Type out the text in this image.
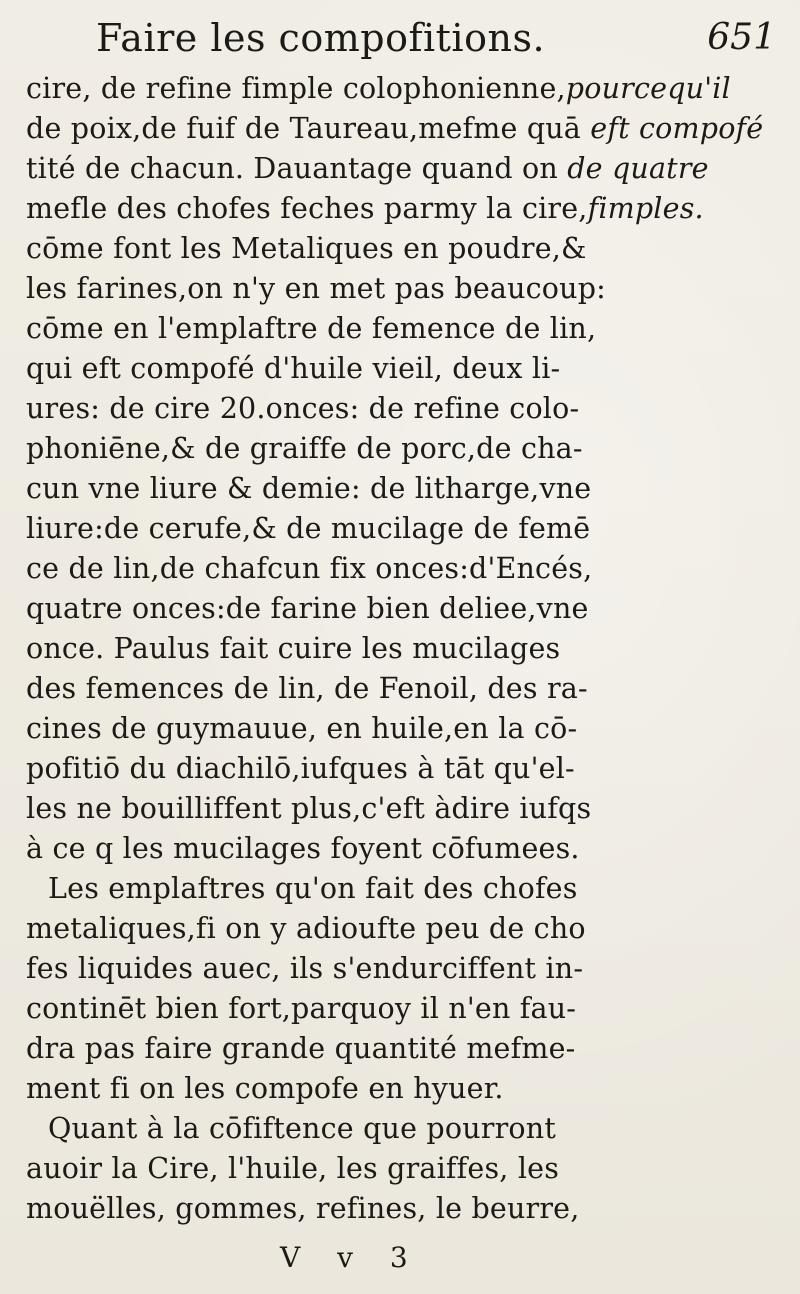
Faire les compofitions.	651
cire, de refine fimple colophonienne,pourcequ'il
de poix,de fuif de Taureau,mefme quā eft compofé
tité de chacun. Dauantage quand on de quatre
mefle des chofes feches parmy la cire,fimples.
cōme font les Metaliques en poudre,&
les farines,on n'y en met pas beaucoup:
cōme en l'emplaftre de femence de lin,
qui eft compofé d'huile vieil, deux li-
ures: de cire 20.onces: de refine colo-
phoniēne,& de graiffe de porc,de cha-
cun vne liure & demie: de litharge,vne
liure:de cerufe,& de mucilage de femē
ce de lin,de chafcun fix onces:d'Encés,
quatre onces:de farine bien deliee,vne
once. Paulus fait cuire les mucilages
des femences de lin, de Fenoil, des ra-
cines de guymauue, en huile,en la cō-
pofitiō du diachilō,iufques à tāt qu'el-
les ne bouilliffent plus,c'eft àdire iufqs
à ce q les mucilages foyent cōfumees.
Les emplaftres qu'on fait des chofes
metaliques,fi on y adioufte peu de cho
fes liquides auec, ils s'endurciffent in-
continēt bien fort,parquoy il n'en fau-
dra pas faire grande quantité mefme-
ment fi on les compofe en hyuer.
Quant à la cōfiftence que pourront
auoir la Cire, l'huile, les graiffes, les
mouëlles, gommes, refines, le beurre,
V v 3
